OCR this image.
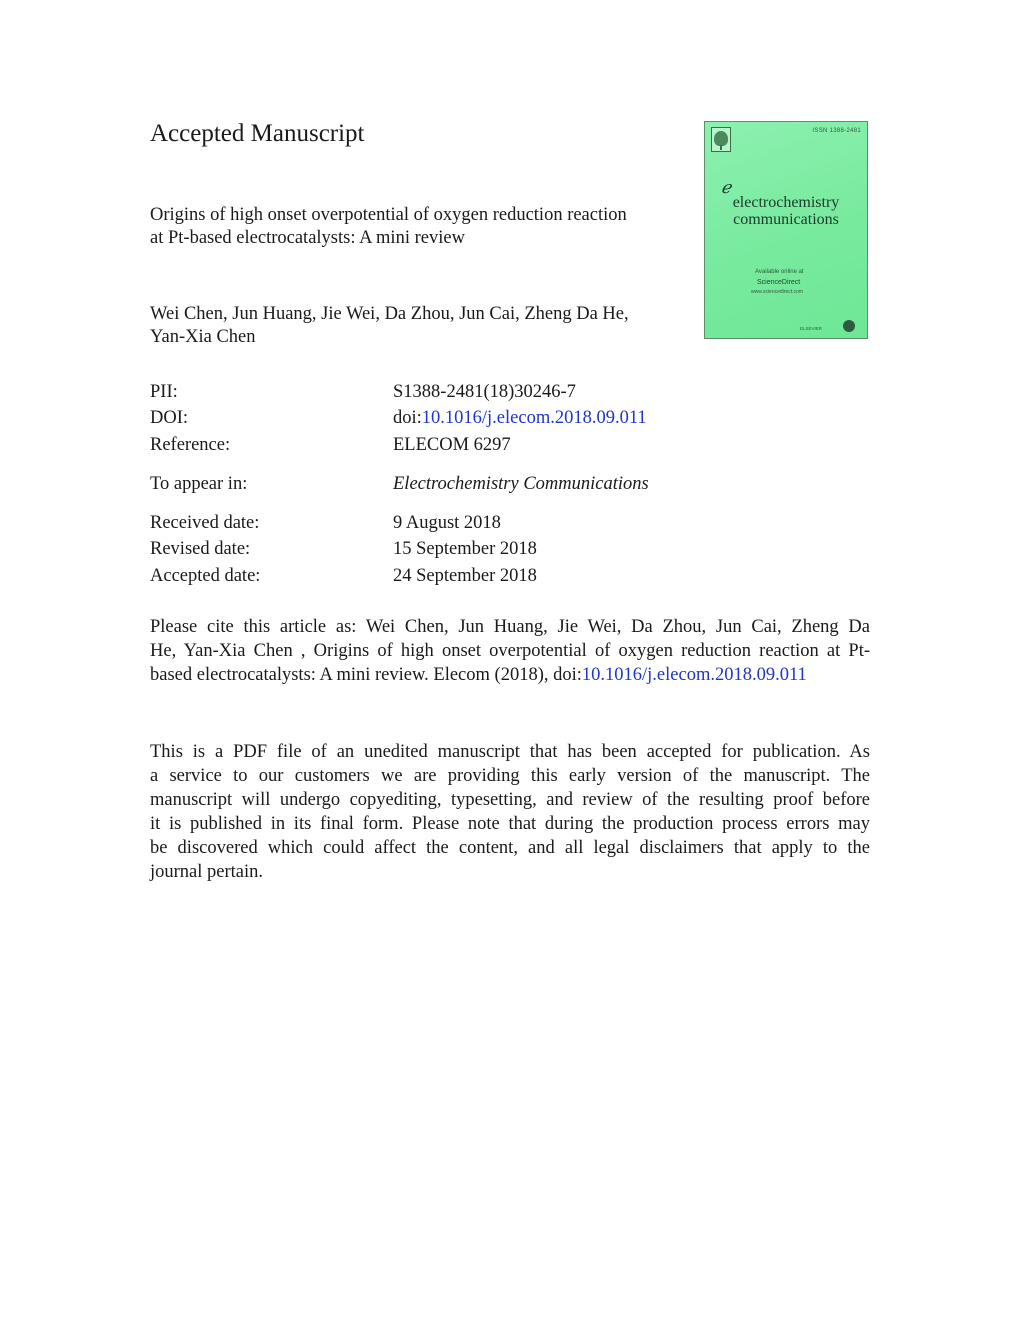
Accepted Manuscript
Origins of high onset overpotential of oxygen reduction reaction
at Pt-based electrocatalysts: A mini review
Wei Chen, Jun Huang, Jie Wei, Da Zhou, Jun Cai, Zheng Da He,
Yan-Xia Chen
ISSN 1388-2481
ℯ
electrochemistry
communications
Available online at
ScienceDirect
www.sciencedirect.com
ELSEVIER
PII:	S1388-2481(18)30246-7
DOI:	doi:10.1016/j.elecom.2018.09.011
Reference:	ELECOM 6297
To appear in:	Electrochemistry Communications
Received date:	9 August 2018
Revised date:	15 September 2018
Accepted date:	24 September 2018
Please cite this article as: Wei Chen, Jun Huang, Jie Wei, Da Zhou, Jun Cai, Zheng Da
He, Yan-Xia Chen , Origins of high onset overpotential of oxygen reduction reaction at Pt-
based electrocatalysts: A mini review. Elecom (2018), doi:10.1016/j.elecom.2018.09.011
This is a PDF file of an unedited manuscript that has been accepted for publication. As
a service to our customers we are providing this early version of the manuscript. The
manuscript will undergo copyediting, typesetting, and review of the resulting proof before
it is published in its final form. Please note that during the production process errors may
be discovered which could affect the content, and all legal disclaimers that apply to the
journal pertain.
